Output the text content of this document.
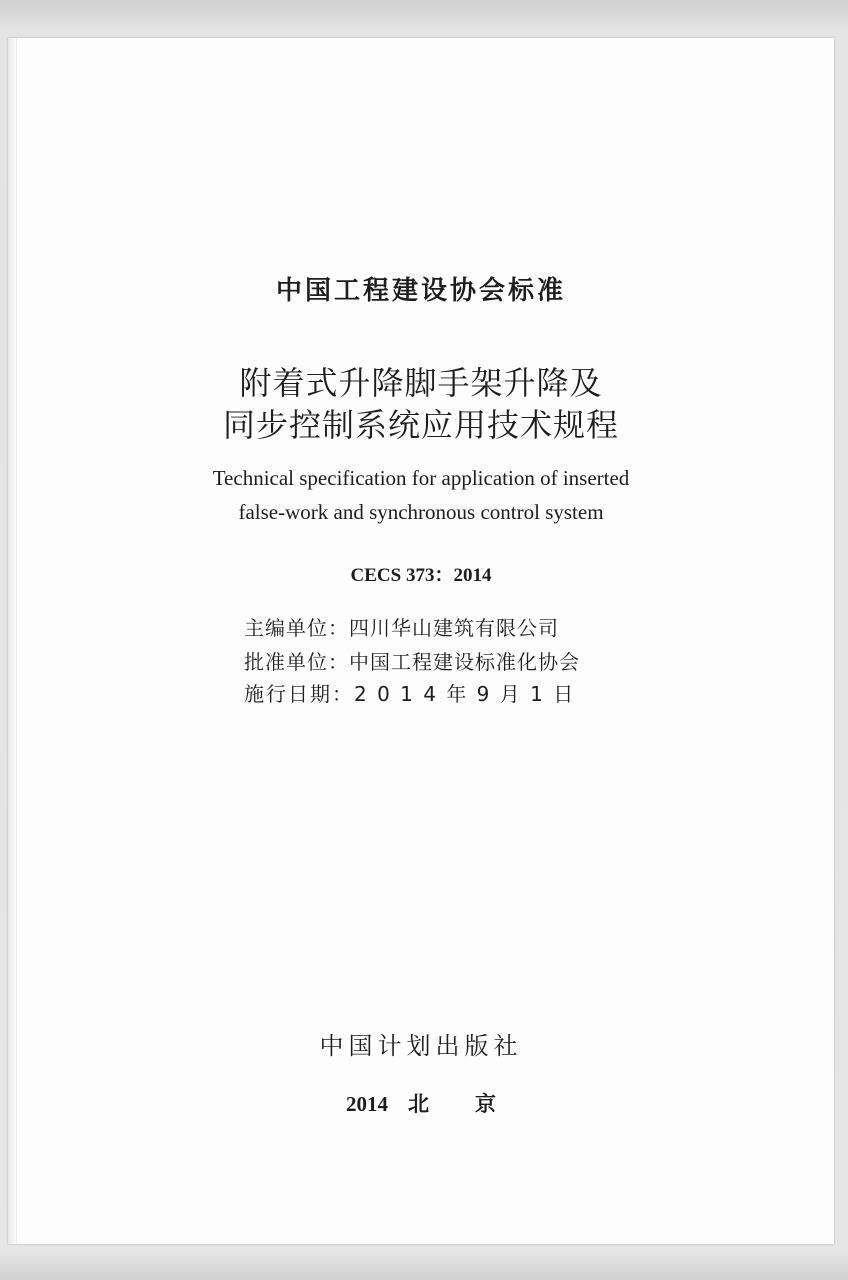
中国工程建设协会标准
附着式升降脚手架升降及
同步控制系统应用技术规程
Technical specification for application of inserted
false-work and synchronous control system
CECS 373：2014
主编单位：四川华山建筑有限公司
批准单位：中国工程建设标准化协会
施行日期：2 0 1 4 年 9 月 1 日
中国计划出版社
2014 北 京
